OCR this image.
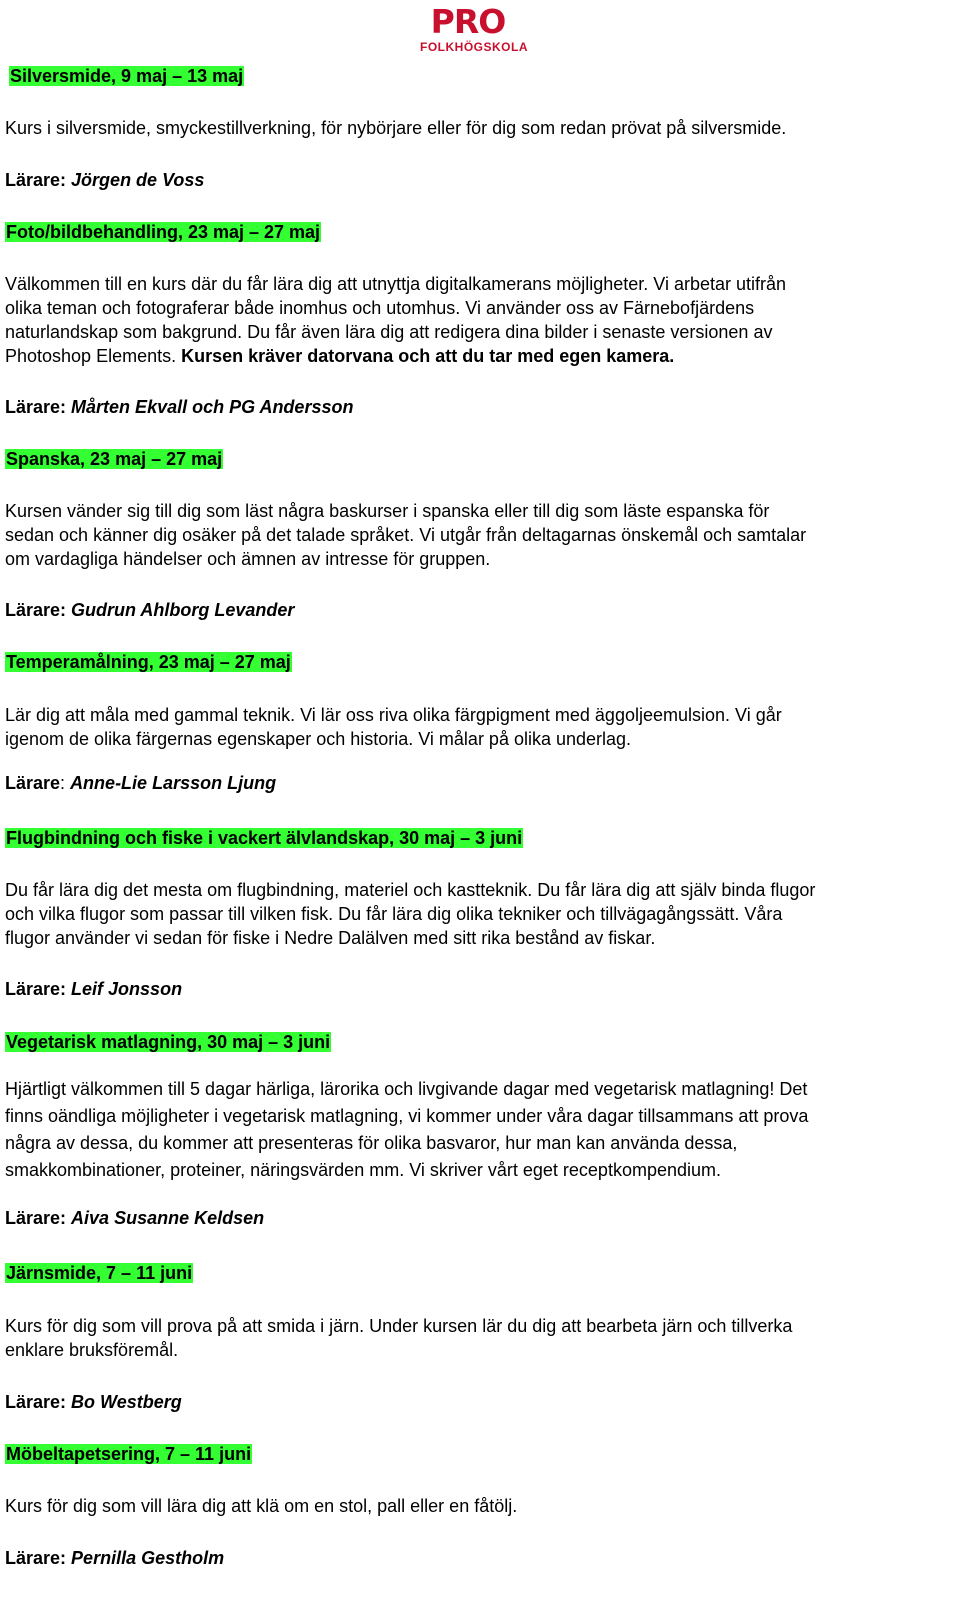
PRO
FOLKHÖGSKOLA
Silversmide, 9 maj – 13 maj
Kurs i silversmide, smyckestillverkning, för nybörjare eller för dig som redan prövat på silversmide.
Lärare: Jörgen de Voss
Foto/bildbehandling, 23 maj – 27 maj
Välkommen till en kurs där du får lära dig att utnyttja digitalkamerans möjligheter. Vi arbetar utifrån
olika teman och fotograferar både inomhus och utomhus. Vi använder oss av Färnebofjärdens
naturlandskap som bakgrund. Du får även lära dig att redigera dina bilder i senaste versionen av
Photoshop Elements. Kursen kräver datorvana och att du tar med egen kamera.
Lärare: Mårten Ekvall och PG Andersson
Spanska, 23 maj – 27 maj
Kursen vänder sig till dig som läst några baskurser i spanska eller till dig som läste espanska för
sedan och känner dig osäker på det talade språket. Vi utgår från deltagarnas önskemål och samtalar
om vardagliga händelser och ämnen av intresse för gruppen.
Lärare: Gudrun Ahlborg Levander
Temperamålning, 23 maj – 27 maj
Lär dig att måla med gammal teknik. Vi lär oss riva olika färgpigment med äggoljeemulsion. Vi går
igenom de olika färgernas egenskaper och historia. Vi målar på olika underlag.
Lärare: Anne-Lie Larsson Ljung
Flugbindning och fiske i vackert älvlandskap, 30 maj – 3 juni
Du får lära dig det mesta om flugbindning, materiel och kastteknik. Du får lära dig att själv binda flugor
och vilka flugor som passar till vilken fisk. Du får lära dig olika tekniker och tillvägagångssätt. Våra
flugor använder vi sedan för fiske i Nedre Dalälven med sitt rika bestånd av fiskar.
Lärare: Leif Jonsson
Vegetarisk matlagning, 30 maj – 3 juni
Hjärtligt välkommen till 5 dagar härliga, lärorika och livgivande dagar med vegetarisk matlagning! Det
finns oändliga möjligheter i vegetarisk matlagning, vi kommer under våra dagar tillsammans att prova
några av dessa, du kommer att presenteras för olika basvaror, hur man kan använda dessa,
smakkombinationer, proteiner, näringsvärden mm. Vi skriver vårt eget receptkompendium.
Lärare: Aiva Susanne Keldsen
Järnsmide, 7 – 11 juni
Kurs för dig som vill prova på att smida i järn. Under kursen lär du dig att bearbeta järn och tillverka
enklare bruksföremål.
Lärare: Bo Westberg
Möbeltapetsering, 7 – 11 juni
Kurs för dig som vill lära dig att klä om en stol, pall eller en fåtölj.
Lärare: Pernilla Gestholm
